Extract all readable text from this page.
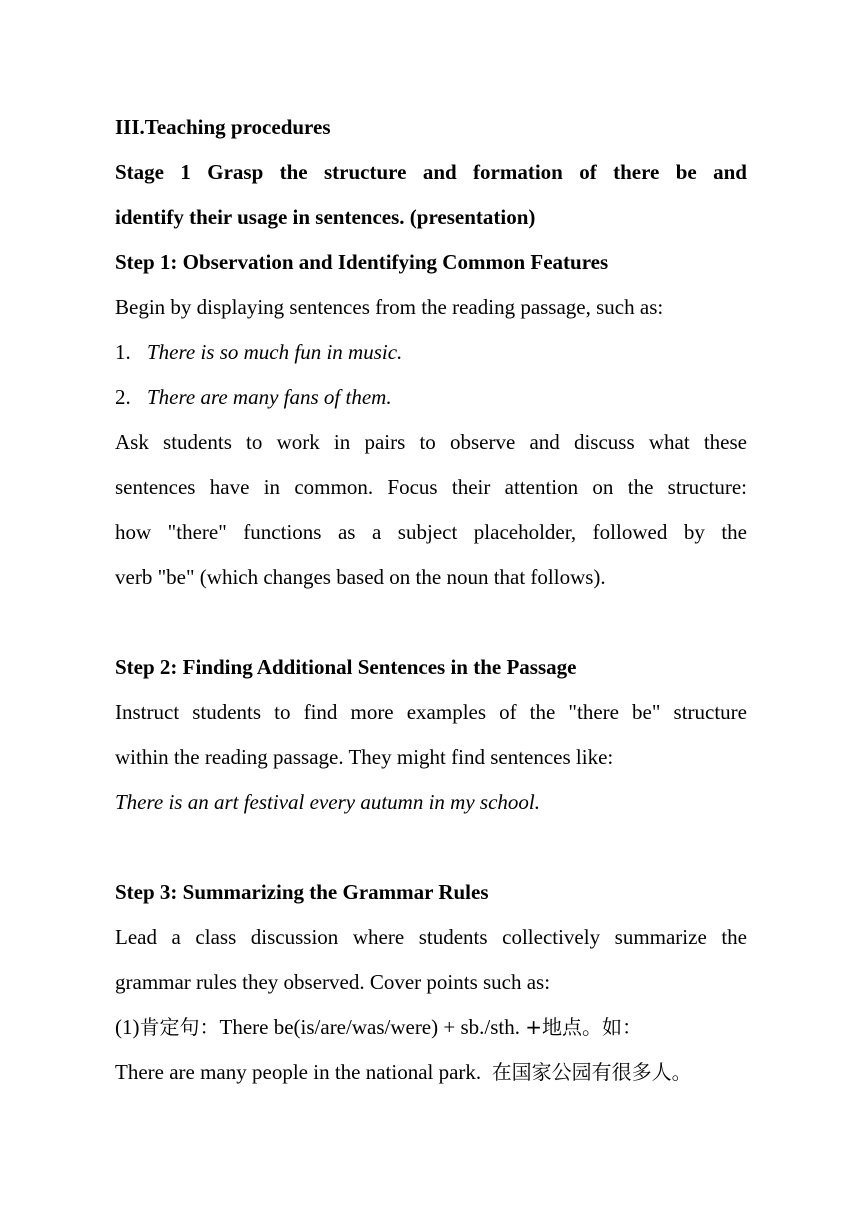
III.Teaching procedures
Stage 1 Grasp the structure and formation of there be and
identify their usage in sentences. (presentation)
Step 1: Observation and Identifying Common Features
Begin by displaying sentences from the reading passage, such as:
1. There is so much fun in music.
2. There are many fans of them.
Ask students to work in pairs to observe and discuss what these
sentences have in common. Focus their attention on the structure:
how "there" functions as a subject placeholder, followed by the
verb "be" (which changes based on the noun that follows).
Step 2: Finding Additional Sentences in the Passage
Instruct students to find more examples of the "there be" structure
within the reading passage. They might find sentences like:
There is an art festival every autumn in my school.
Step 3: Summarizing the Grammar Rules
Lead a class discussion where students collectively summarize the
grammar rules they observed. Cover points such as:
(1)肯定句：There be(is/are/was/were) + sb./sth. +地点。如：
There are many people in the national park.  在国家公园有很多人。
